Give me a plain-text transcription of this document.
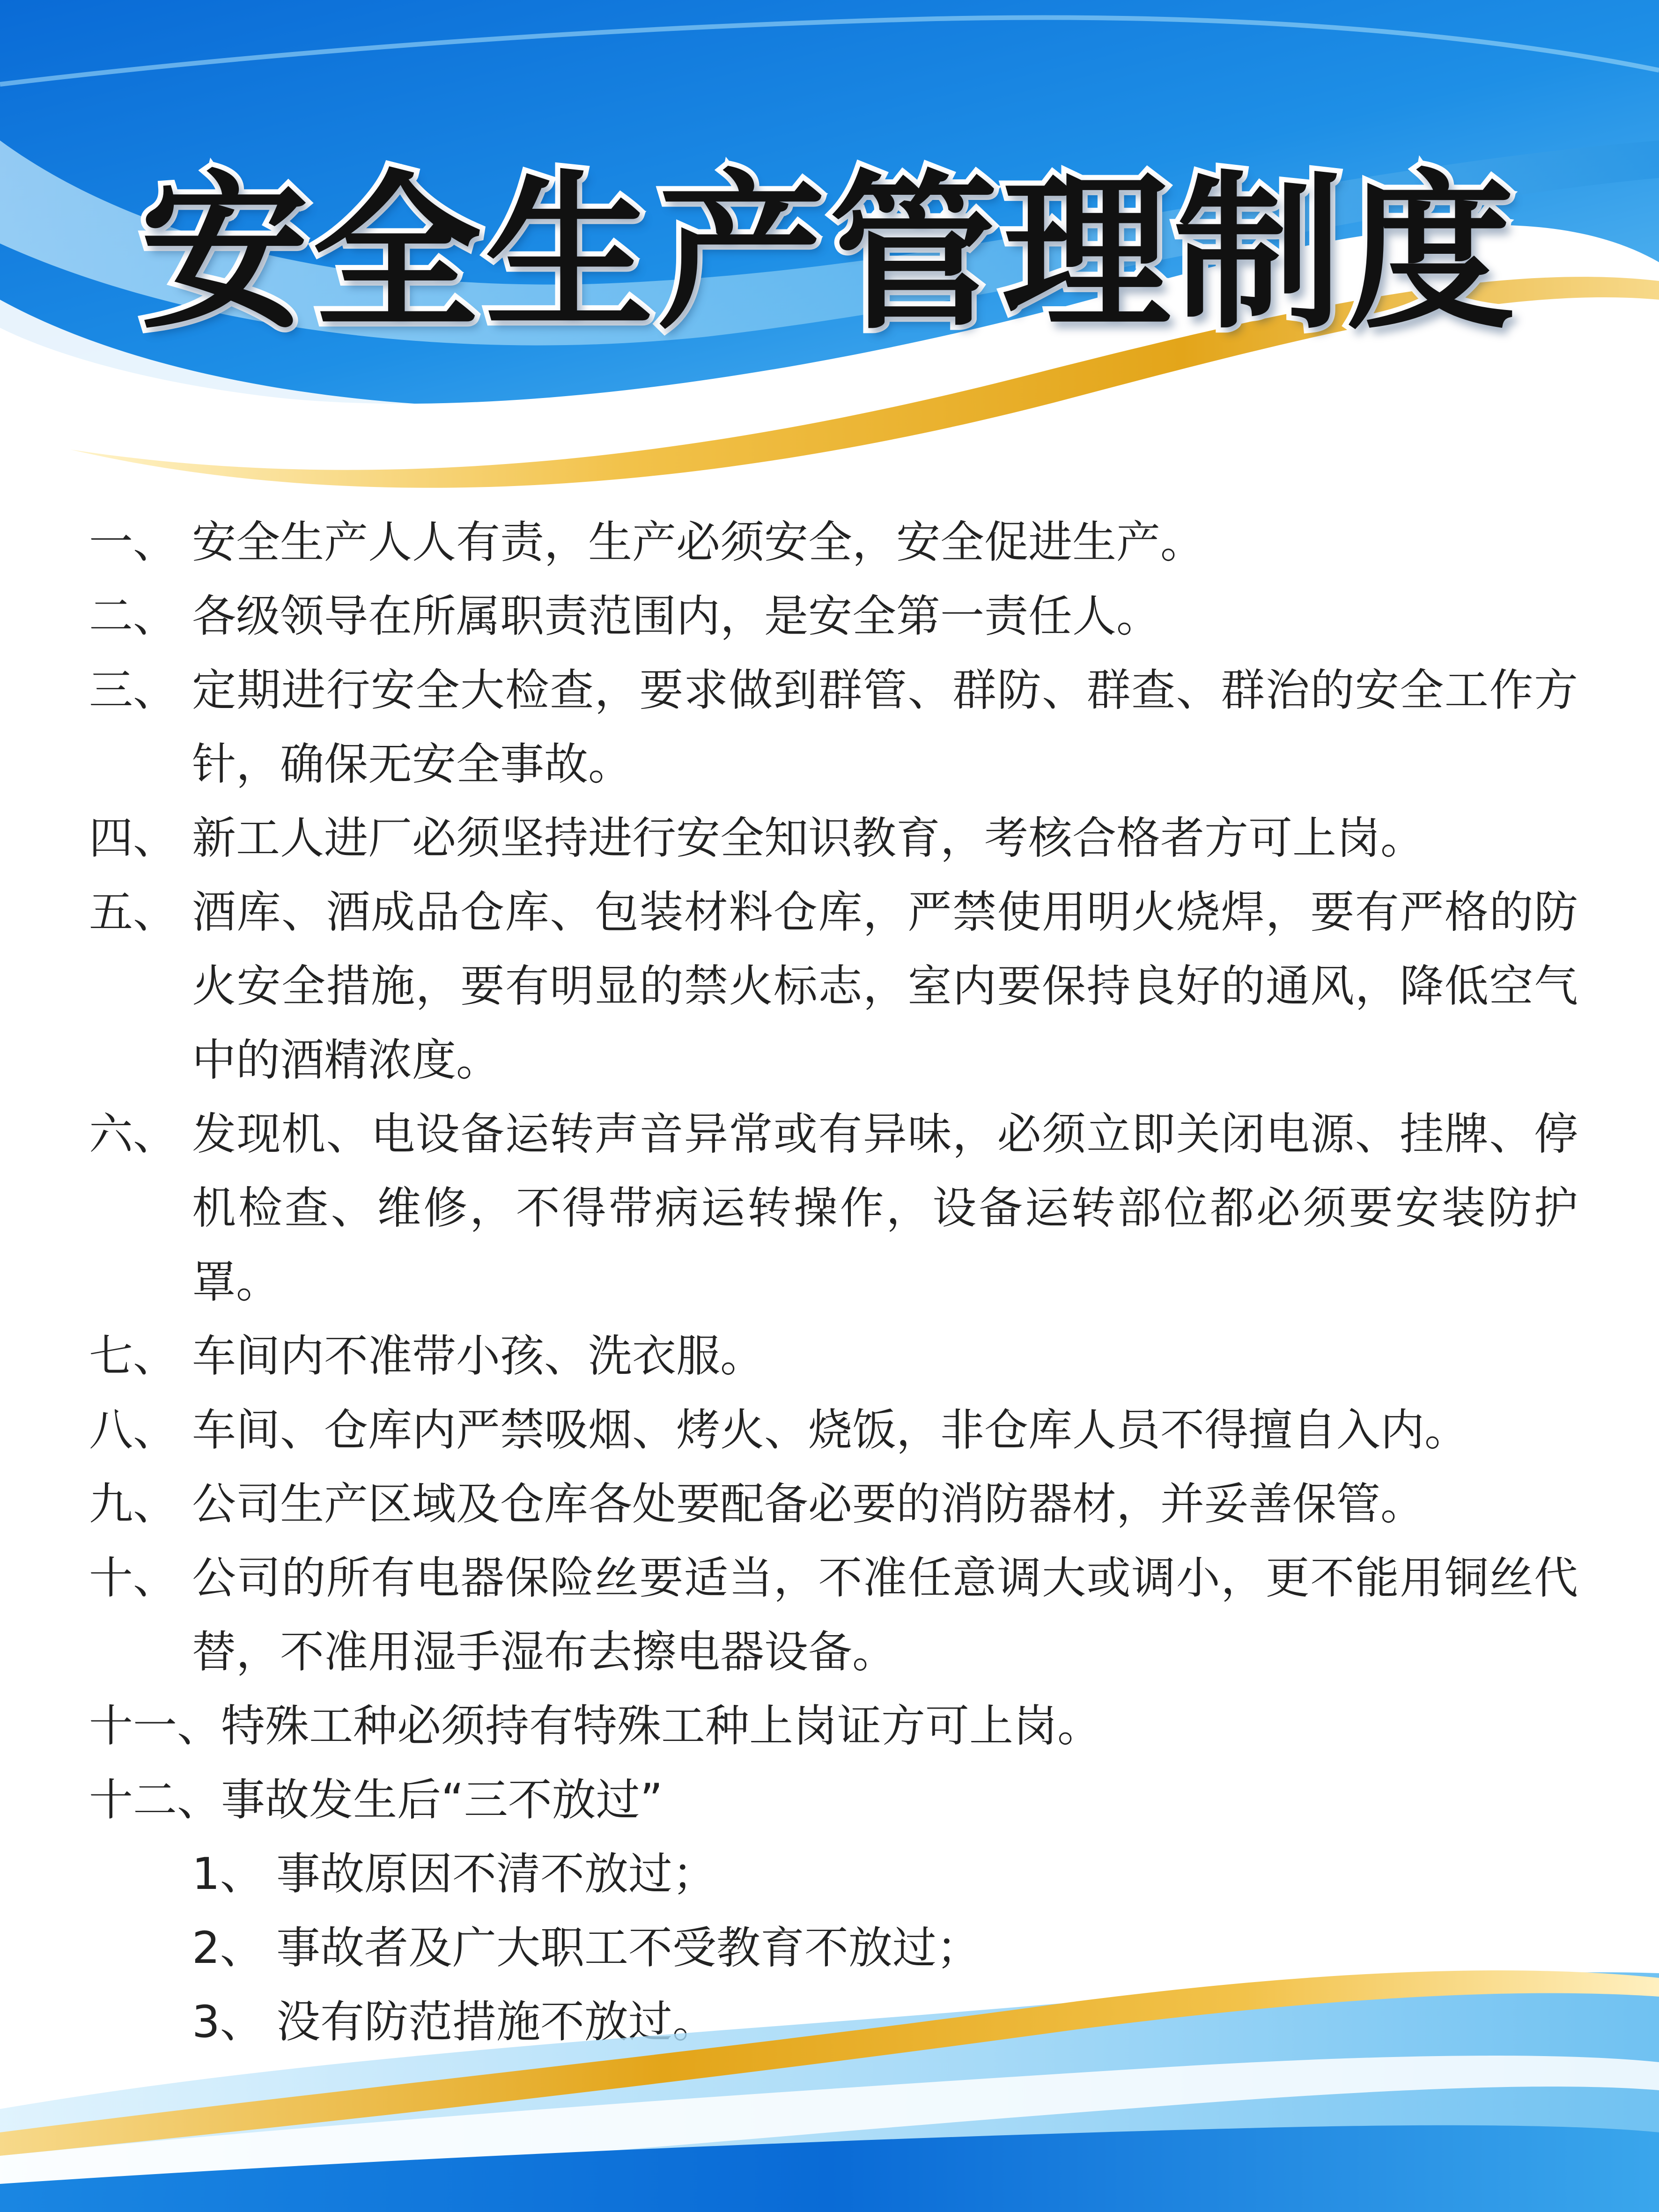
安全生产管理制度
一、 安全生产人人有责，生产必须安全，安全促进生产。
二、 各级领导在所属职责范围内，是安全第一责任人。
三、 定期进行安全大检查，要求做到群管、群防、群查、群治的安全工作方针，确保无安全事故。
四、 新工人进厂必须坚持进行安全知识教育，考核合格者方可上岗。
五、 酒库、酒成品仓库、包装材料仓库，严禁使用明火烧焊，要有严格的防火安全措施，要有明显的禁火标志，室内要保持良好的通风，降低空气中的酒精浓度。
六、 发现机、电设备运转声音异常或有异味，必须立即关闭电源、挂牌、停机检查、维修，不得带病运转操作，设备运转部位都必须要安装防护罩。
七、 车间内不准带小孩、洗衣服。
八、 车间、仓库内严禁吸烟、烤火、烧饭，非仓库人员不得擅自入内。
九、 公司生产区域及仓库各处要配备必要的消防器材，并妥善保管。
十、 公司的所有电器保险丝要适当，不准任意调大或调小，更不能用铜丝代替，不准用湿手湿布去擦电器设备。
十一、 特殊工种必须持有特殊工种上岗证方可上岗。
十二、 事故发生后“三不放过”
1、 事故原因不清不放过；
2、 事故者及广大职工不受教育不放过；
3、 没有防范措施不放过。
